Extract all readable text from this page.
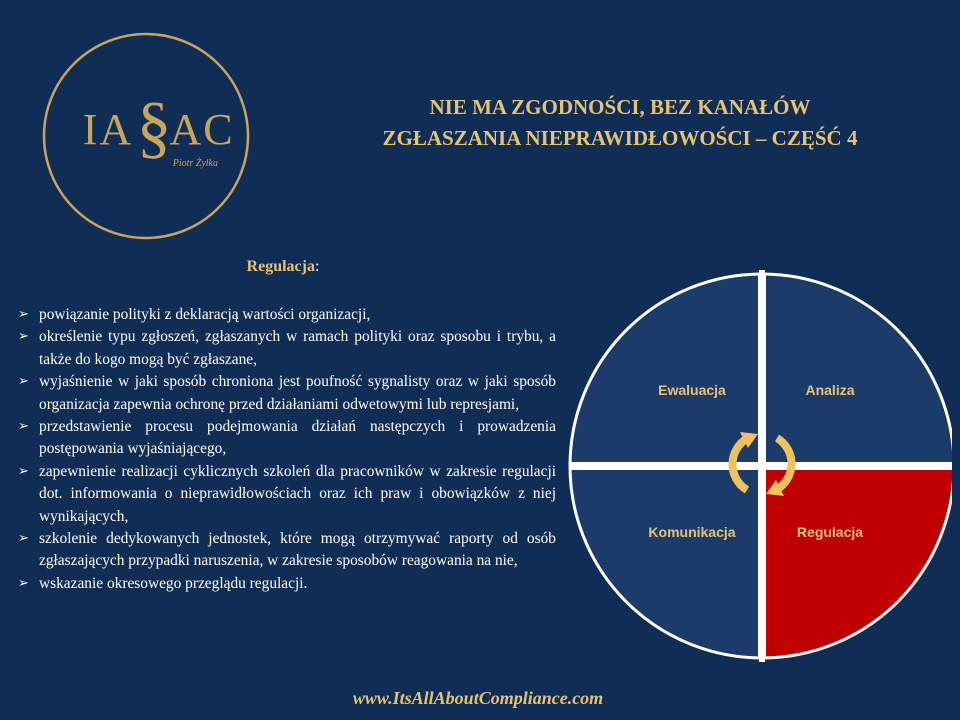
IA §
AC
Piotr Żyłka
NIE MA ZGODNOŚCI, BEZ KANAŁÓW
ZGŁASZANIA NIEPRAWIDŁOWOŚCI – CZĘŚĆ 4
Regulacja:
➢ powiązanie polityki z deklaracją wartości organizacji,
➢ określenie typu zgłoszeń, zgłaszanych w ramach polityki oraz sposobu i trybu, a także do kogo mogą być zgłaszane,
➢ wyjaśnienie w jaki sposób chroniona jest poufność sygnalisty oraz w jaki sposób organizacja zapewnia ochronę przed działaniami odwetowymi lub represjami,
➢ przedstawienie procesu podejmowania działań następczych i prowadzenia postępowania wyjaśniającego,
➢ zapewnienie realizacji cyklicznych szkoleń dla pracowników w zakresie regulacji dot. informowania o nieprawidłowościach oraz ich praw i obowiązków z niej wynikających,
➢ szkolenie dedykowanych jednostek, które mogą otrzymywać raporty od osób zgłaszających przypadki naruszenia, w zakresie sposobów reagowania na nie,
➢ wskazanie okresowego przeglądu regulacji.
Ewaluacja	Analiza
Komunikacja	Regulacja
www.ItsAllAboutCompliance.com
